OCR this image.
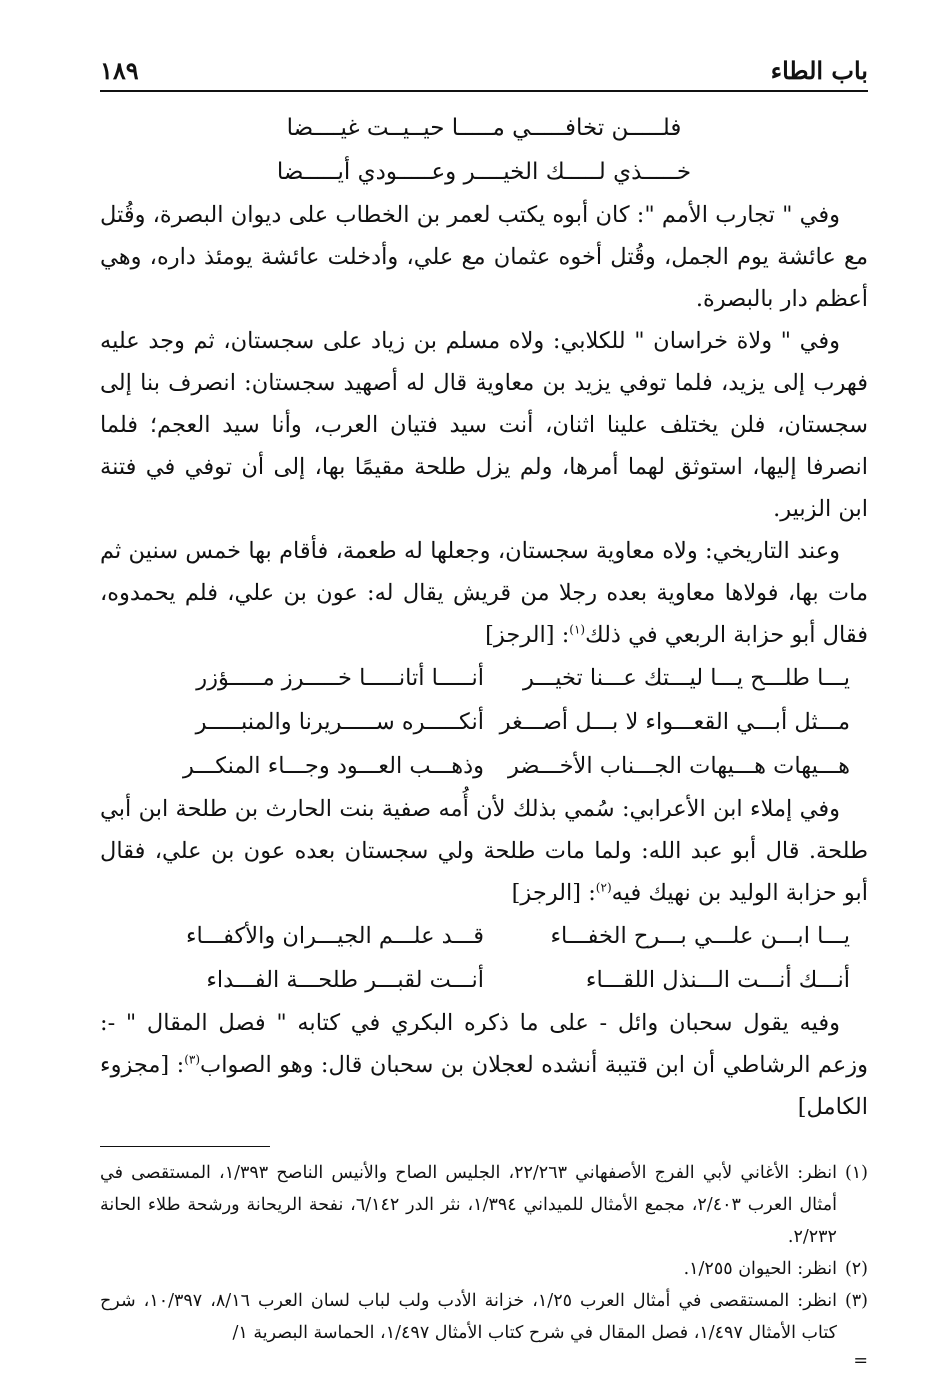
باب الطاء
١٨٩
فلـــــن تخافـــــي مـــــا حيــيــت غيــــضا
خـــــذي لـــــك الخيــــر وعـــــودي أيـــــضا

وفي " تجارب الأمم ": كان أبوه يكتب لعمر بن الخطاب على ديوان البصرة، وقُتل مع عائشة يوم الجمل، وقُتل أخوه عثمان مع علي، وأدخلت عائشة يومئذ داره، وهي أعظم دار بالبصرة.

وفي " ولاة خراسان " للكلابي: ولاه مسلم بن زياد على سجستان، ثم وجد عليه فهرب إلى يزيد، فلما توفي يزيد بن معاوية قال له أصهيد سجستان: انصرف بنا إلى سجستان، فلن يختلف علينا اثنان، أنت سيد فتيان العرب، وأنا سيد العجم؛ فلما انصرفا إليها، استوثق لهما أمرها، ولم يزل طلحة مقيمًا بها، إلى أن توفي في فتنة ابن الزبير.

وعند التاريخي: ولاه معاوية سجستان، وجعلها له طعمة، فأقام بها خمس سنين ثم مات بها، فولاها معاوية بعده رجلا من قريش يقال له: عون بن علي، فلم يحمدوه، فقال أبو حزابة الربعي في ذلك$^{(١)}$: [الرجز]

يـــا طلـــح يـــا ليـــتك عـــنا تخيـــر
أنـــــا أتانـــــا خـــــرز مـــــؤزر
مـــثل أبـــي القعـــواء لا بـــل أصـــغر
أنكـــــره ســـــريرنا والمنبـــــر
هـــيهات هـــيهات الجـــناب الأخـــضر
وذهـــب العـــود وجـــاء المنكـــر

وفي إملاء ابن الأعرابي: سُمي بذلك لأن أُمه صفية بنت الحارث بن طلحة ابن أبي طلحة. قال أبو عبد الله: ولما مات طلحة ولي سجستان بعده عون بن علي، فقال أبو حزابة الوليد بن نهيك فيه$^{(٢)}$: [الرجز]

يـــا ابـــن علـــي بـــرح الخفـــاء
قـــد علـــم الجيـــران والأكفـــاء
أنـــك أنـــت الـــنذل اللقـــاء
أنـــت لقبـــر طلحـــة الفـــداء

وفيه يقول سحبان وائل - على ما ذكره البكري في كتابه " فصل المقال " -: وزعم الرشاطي أن ابن قتيبة أنشده لعجلان بن سحبان قال: وهو الصواب$^{(٣)}$: [مجزوء الكامل]

(١)
انظر: الأغاني لأبي الفرج الأصفهاني ٢٢/٢٦٣، الجليس الصاح والأنيس الناصح ١/٣٩٣، المستقصى في أمثال العرب ٢/٤٠٣، مجمع الأمثال للميداني ١/٣٩٤، نثر الدر ٦/١٤٢، نفحة الريحانة ورشحة طلاء الحانة ٢/٢٣٢.
(٢)
انظر: الحيوان ١/٢٥٥.
(٣)
انظر: المستقصى في أمثال العرب ١/٢٥، خزانة الأدب ولب لباب لسان العرب ٨/١٦، ١٠/٣٩٧، شرح كتاب الأمثال ١/٤٩٧، فصل المقال في شرح كتاب الأمثال ١/٤٩٧، الحماسة البصرية ١/
=
